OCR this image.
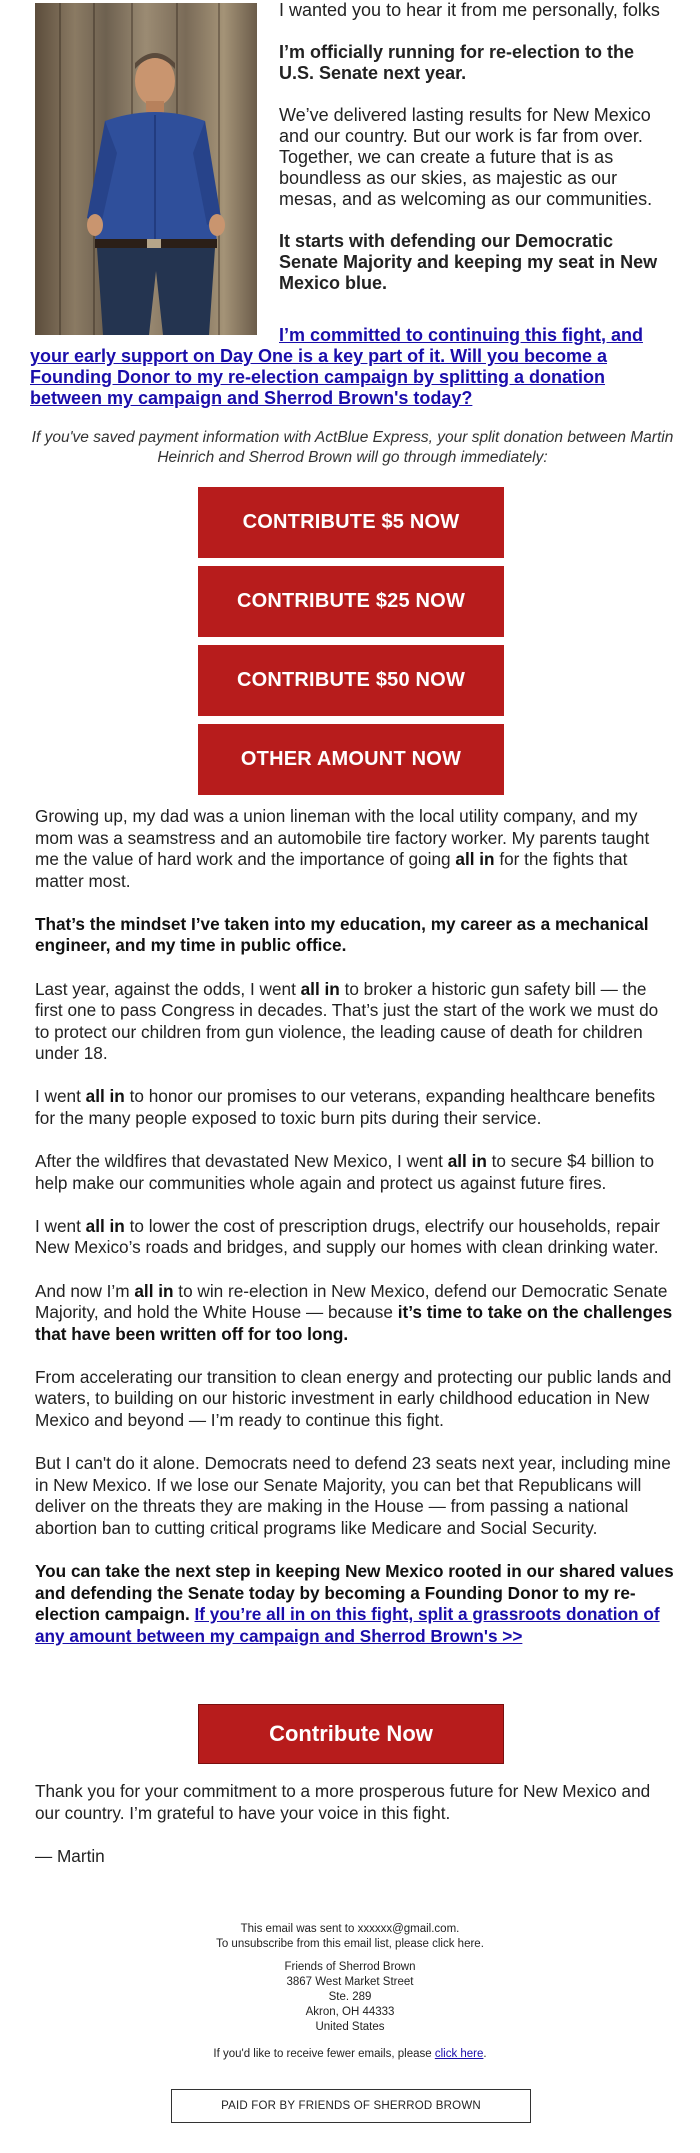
I wanted you to hear it from me personally, folks

I’m officially running for re-election to the U.S. Senate next year.

We’ve delivered lasting results for New Mexico and our country. But our work is far from over. Together, we can create a future that is as boundless as our skies, as majestic as our mesas, and as welcoming as our communities.

It starts with defending our Democratic Senate Majority and keeping my seat in New Mexico blue.

I’m committed to continuing this fight, and your early support on Day One is a key part of it. Will you become a Founding Donor to my re-election campaign by splitting a donation between my campaign and Sherrod Brown's today?
If you've saved payment information with ActBlue Express, your split donation between Martin Heinrich and Sherrod Brown will go through immediately:
CONTRIBUTE $5 NOW
CONTRIBUTE $25 NOW
CONTRIBUTE $50 NOW
OTHER AMOUNT NOW

Growing up, my dad was a union lineman with the local utility company, and my mom was a seamstress and an automobile tire factory worker. My parents taught me the value of hard work and the importance of going all in for the fights that matter most.

That’s the mindset I’ve taken into my education, my career as a mechanical engineer, and my time in public office.

Last year, against the odds, I went all in to broker a historic gun safety bill — the first one to pass Congress in decades. That’s just the start of the work we must do to protect our children from gun violence, the leading cause of death for children under 18.

I went all in to honor our promises to our veterans, expanding healthcare benefits for the many people exposed to toxic burn pits during their service.

After the wildfires that devastated New Mexico, I went all in to secure $4 billion to help make our communities whole again and protect us against future fires.

I went all in to lower the cost of prescription drugs, electrify our households, repair New Mexico’s roads and bridges, and supply our homes with clean drinking water.

And now I’m all in to win re-election in New Mexico, defend our Democratic Senate Majority, and hold the White House — because it’s time to take on the challenges that have been written off for too long.

From accelerating our transition to clean energy and protecting our public lands and waters, to building on our historic investment in early childhood education in New Mexico and beyond — I’m ready to continue this fight.

But I can't do it alone. Democrats need to defend 23 seats next year, including mine in New Mexico. If we lose our Senate Majority, you can bet that Republicans will deliver on the threats they are making in the House — from passing a national abortion ban to cutting critical programs like Medicare and Social Security.

You can take the next step in keeping New Mexico rooted in our shared values and defending the Senate today by becoming a Founding Donor to my re-election campaign. If you’re all in on this fight, split a grassroots donation of any amount between my campaign and Sherrod Brown's >>

Contribute Now

Thank you for your commitment to a more prosperous future for New Mexico and our country. I’m grateful to have your voice in this fight.

— Martin

This email was sent to xxxxxx@gmail.com.
To unsubscribe from this email list, please click here.

Friends of Sherrod Brown
3867 West Market Street
Ste. 289
Akron, OH 44333
United States

If you'd like to receive fewer emails, please click here.

PAID FOR BY FRIENDS OF SHERROD BROWN
